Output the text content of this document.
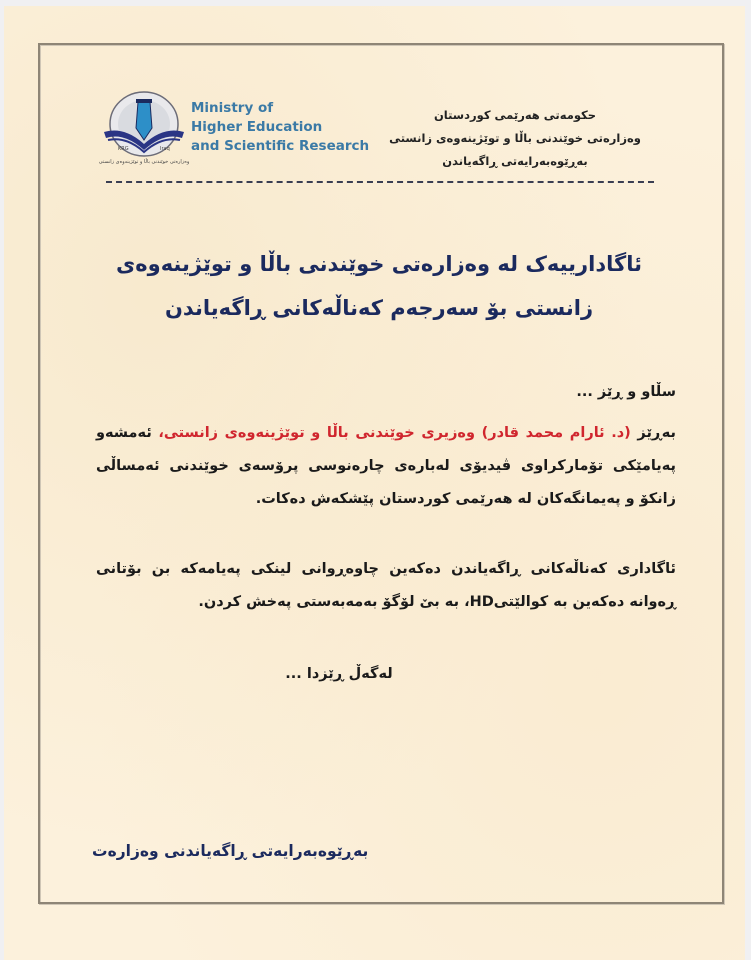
KRG	Iraq
وەزارەتی خوێندنی باڵا و توێژینەوەی زانستی
Ministry of
Higher Education
and Scientific Research
حکومەتی هەرێمی کوردستان
وەزارەتی خوێندنی باڵا و توێژینەوەی زانستی
بەڕێوەبەرایەتی ڕاگەیاندن
ئاگادارییەک لە وەزارەتی خوێندنی باڵا و توێژینەوەی
زانستی بۆ سەرجەم کەناڵەکانی ڕاگەیاندن
سڵاو و ڕێز ...
بەڕێز (د. ئارام محمد قادر) وەزیری خوێندنی باڵا و توێژینەوەی زانستی، ئەمشەو پەیامێکی تۆمارکراوی ڤیدیۆی لەبارەی چارەنوسی پرۆسەی خوێندنی ئەمساڵی زانکۆ و پەیمانگەکان لە هەرێمی کوردستان پێشکەش دەکات.
ئاگاداری کەناڵەکانی ڕاگەیاندن دەکەین چاوەڕوانی لینکی پەیامەکە بن بۆتانی ڕەوانە دەکەین بە کوالێتیHD، بە بێ لۆگۆ بەمەبەستی پەخش کردن.
لەگەڵ ڕێزدا ...
بەڕێوەبەرایەتی ڕاگەیاندنی وەزارەت
